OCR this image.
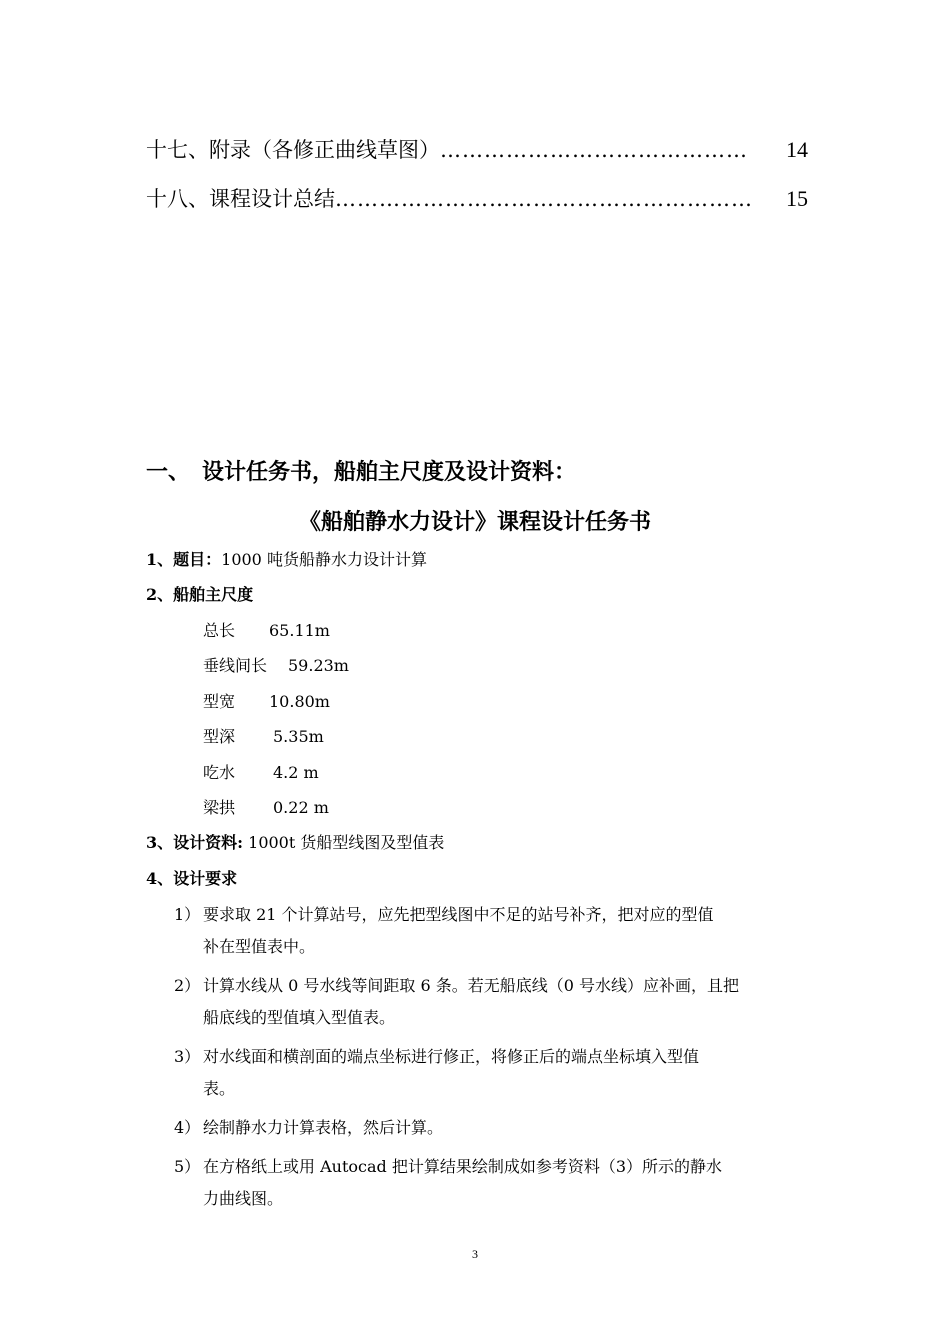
十七、附录（各修正曲线草图） ……………………………………	14
十八、课程设计总结 …………………………………………………	15
一、 设计任务书，船舶主尺度及设计资料：
《船舶静水力设计》课程设计任务书
1、题目：1000 吨货船静水力设计计算
2、船舶主尺度
总长 65.11m
垂线间长 59.23m
型宽 10.80m
型深 5.35m
吃水 4.2 m
梁拱 0.22 m
3、设计资料: 1000t 货船型线图及型值表
4、设计要求
1） 要求取 21 个计算站号，应先把型线图中不足的站号补齐，把对应的型值
补在型值表中。
2） 计算水线从 0 号水线等间距取 6 条。若无船底线（0 号水线）应补画，且把
船底线的型值填入型值表。
3） 对水线面和横剖面的端点坐标进行修正，将修正后的端点坐标填入型值
表。
4） 绘制静水力计算表格，然后计算。
5） 在方格纸上或用 Autocad 把计算结果绘制成如参考资料（3）所示的静水
力曲线图。
3
